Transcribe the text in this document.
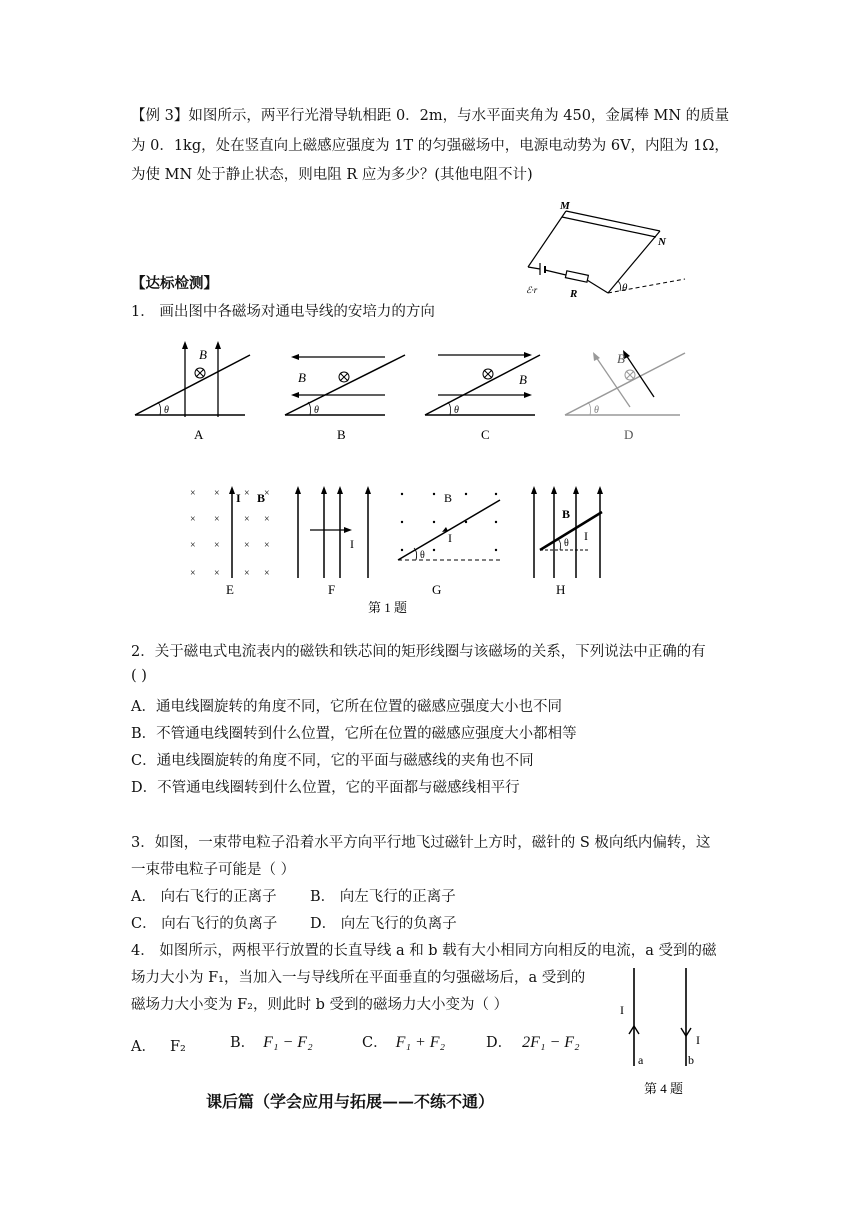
【例 3】如图所示，两平行光滑导轨相距 0．2m，与水平面夹角为 450，金属棒 MN 的质量
为 0．1kg，处在竖直向上磁感应强度为 1T 的匀强磁场中，电源电动势为 6V，内阻为 1Ω，
为使 MN 处于静止状态，则电阻 R 应为多少？(其他电阻不计)
M
N
R
ℰ·r	θ
【达标检测】
1． 画出图中各磁场对通电导线的安培力的方向
B
θ
A
B
θ
B
B
θ
C
B
θ
D
× × × ×
× × × ×
× × × ×
× × × ×
I B
E
I
F
B
I
θ
G
B
I
θ
H
第 1 题
2．关于磁电式电流表内的磁铁和铁芯间的矩形线圈与该磁场的关系，下列说法中正确的有
( )
A．通电线圈旋转的角度不同，它所在位置的磁感应强度大小也不同
B．不管通电线圈转到什么位置，它所在位置的磁感应强度大小都相等
C．通电线圈旋转的角度不同，它的平面与磁感线的夹角也不同
D．不管通电线圈转到什么位置，它的平面都与磁感线相平行
3．如图，一束带电粒子沿着水平方向平行地飞过磁针上方时，磁针的 S 极向纸内偏转，这
一束带电粒子可能是（ ）
A． 向右飞行的正离子 B． 向左飞行的正离子
C． 向右飞行的负离子 D． 向左飞行的负离子
4． 如图所示，两根平行放置的长直导线 a 和 b 载有大小相同方向相反的电流，a 受到的磁
场力大小为 F₁，当加入一与导线所在平面垂直的匀强磁场后，a 受到的
磁场力大小变为 F₂，则此时 b 受到的磁场力大小变为（ ）
A． F₂	B． F₁ − F₂	C． F₁ + F₂	D． 2F₁ − F₂
I
I
a	b
第 4 题
课后篇（学会应用与拓展——不练不通）
